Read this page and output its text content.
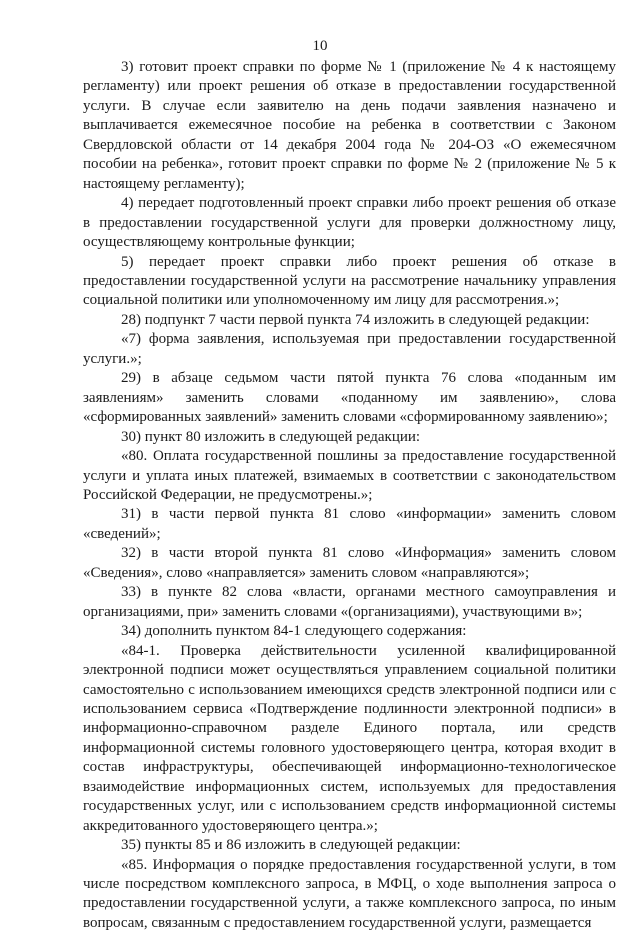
10

3) готовит проект справки по форме № 1 (приложение № 4 к настоящему регламенту) или проект решения об отказе в предоставлении государственной услуги. В случае если заявителю на день подачи заявления назначено и выплачивается ежемесячное пособие на ребенка в соответствии с Законом Свердловской области от 14 декабря 2004 года № 204-ОЗ «О ежемесячном пособии на ребенка», готовит проект справки по форме № 2 (приложение № 5 к настоящему регламенту);

4) передает подготовленный проект справки либо проект решения об отказе в предоставлении государственной услуги для проверки должностному лицу, осуществляющему контрольные функции;

5) передает проект справки либо проект решения об отказе в предоставлении государственной услуги на рассмотрение начальнику управления социальной политики или уполномоченному им лицу для рассмотрения.»;

28) подпункт 7 части первой пункта 74 изложить в следующей редакции:

«7) форма заявления, используемая при предоставлении государственной услуги.»;

29) в абзаце седьмом части пятой пункта 76 слова «поданным им заявлениям» заменить словами «поданному им заявлению», слова «сформированных заявлений» заменить словами «сформированному заявлению»;

30) пункт 80 изложить в следующей редакции:

«80. Оплата государственной пошлины за предоставление государственной услуги и уплата иных платежей, взимаемых в соответствии с законодательством Российской Федерации, не предусмотрены.»;

31) в части первой пункта 81 слово «информации» заменить словом «сведений»;

32) в части второй пункта 81 слово «Информация» заменить словом «Сведения», слово «направляется» заменить словом «направляются»;

33) в пункте 82 слова «власти, органами местного самоуправления и организациями, при» заменить словами «(организациями), участвующими в»;

34) дополнить пунктом 84-1 следующего содержания:

«84-1. Проверка действительности усиленной квалифицированной электронной подписи может осуществляться управлением социальной политики самостоятельно с использованием имеющихся средств электронной подписи или с использованием сервиса «Подтверждение подлинности электронной подписи» в информационно-справочном разделе Единого портала, или средств информационной системы головного удостоверяющего центра, которая входит в состав инфраструктуры, обеспечивающей информационно-технологическое взаимодействие информационных систем, используемых для предоставления государственных услуг, или с использованием средств информационной системы аккредитованного удостоверяющего центра.»;

35) пункты 85 и 86 изложить в следующей редакции:

«85. Информация о порядке предоставления государственной услуги, в том числе посредством комплексного запроса, в МФЦ, о ходе выполнения запроса о предоставлении государственной услуги, а также комплексного запроса, по иным вопросам, связанным с предоставлением государственной услуги, размещается
